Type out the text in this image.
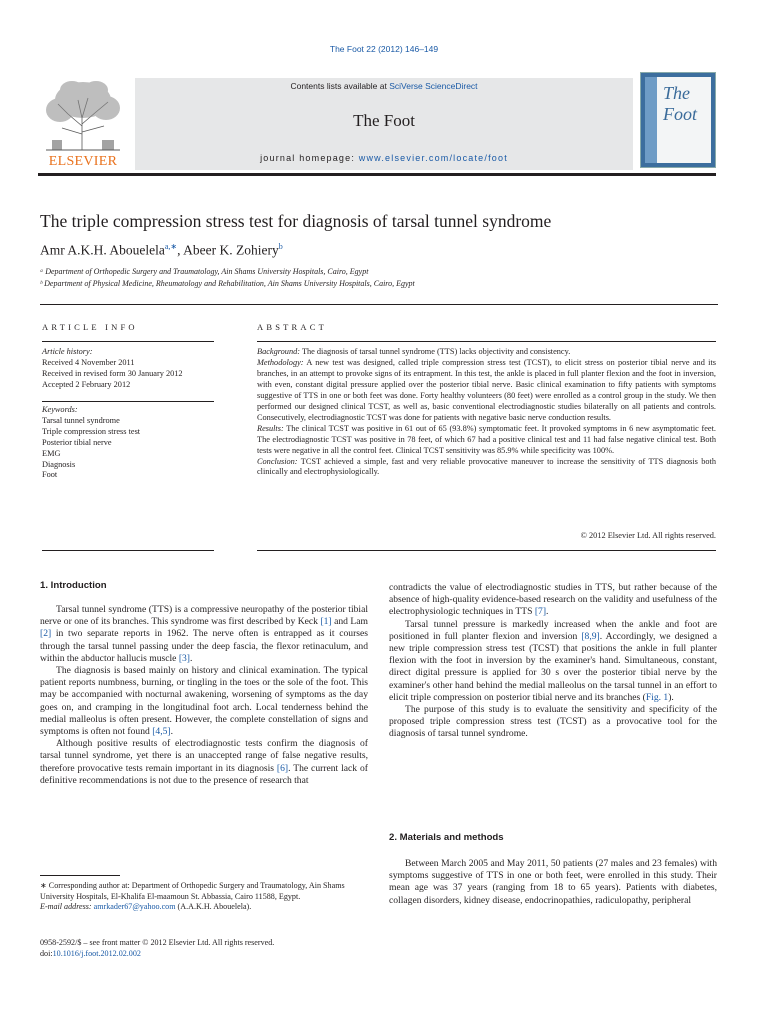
The Foot 22 (2012) 146–149
ELSEVIER
Contents lists available at SciVerse ScienceDirect
The Foot
journal homepage: www.elsevier.com/locate/foot
The Foot
The triple compression stress test for diagnosis of tarsal tunnel syndrome
Amr A.K.H. Abouelela$^{a,∗}$, Abeer K. Zohiery$^b$
ᵃ Department of Orthopedic Surgery and Traumatology, Ain Shams University Hospitals, Cairo, Egypt
ᵇ Department of Physical Medicine, Rheumatology and Rehabilitation, Ain Shams University Hospitals, Cairo, Egypt
ARTICLE INFO	ABSTRACT
Article history:
Received 4 November 2011
Received in revised form 30 January 2012
Accepted 2 February 2012
Keywords:
Tarsal tunnel syndrome
Triple compression stress test
Posterior tibial nerve
EMG
Diagnosis
Foot

Background: The diagnosis of tarsal tunnel syndrome (TTS) lacks objectivity and consistency.

Methodology: A new test was designed, called triple compression stress test (TCST), to elicit stress on posterior tibial nerve and its branches, in an attempt to provoke signs of its entrapment. In this test, the ankle is placed in full planter flexion and the foot in inversion, with even, constant digital pressure applied over the posterior tibial nerve. Basic clinical examination to fifty patients with symptoms suggestive of TTS in one or both feet was done. Forty healthy volunteers (80 feet) were enrolled as a control group in the study. We then performed our designed clinical TCST, as well as, basic conventional electrodiagnostic studies bilaterally on all patients and controls. Consecutively, electrodiagnostic TCST was done for patients with negative basic nerve conduction results.

Results: The clinical TCST was positive in 61 out of 65 (93.8%) symptomatic feet. It provoked symptoms in 6 new asymptomatic feet. The electrodiagnostic TCST was positive in 78 feet, of which 67 had a positive clinical test and 11 had false negative clinical test. Both tests were negative in all the control feet. Clinical TCST sensitivity was 85.9% while specificity was 100%.

Conclusion: TCST achieved a simple, fast and very reliable provocative maneuver to increase the sensitivity of TTS diagnosis both clinically and electrophysiologically.

© 2012 Elsevier Ltd. All rights reserved.
1. Introduction

Tarsal tunnel syndrome (TTS) is a compressive neuropathy of the posterior tibial nerve or one of its branches. This syndrome was first described by Keck [1] and Lam [2] in two separate reports in 1962. The nerve often is entrapped as it courses through the tarsal tunnel passing under the deep fascia, the flexor retinaculum, and within the abductor hallucis muscle [3].

The diagnosis is based mainly on history and clinical examination. The typical patient reports numbness, burning, or tingling in the toes or the sole of the foot. This may be accompanied with nocturnal awakening, worsening of symptoms as the day goes on, and cramping in the longitudinal foot arch. Local tenderness behind the medial malleolus is often present. However, the complete constellation of signs and symptoms is often not found [4,5].

Although positive results of electrodiagnostic tests confirm the diagnosis of tarsal tunnel syndrome, yet there is an unaccepted range of false negative results, therefore provocative tests remain important in its diagnosis [6]. The current lack of definitive recommendations is not due to the presence of research that

contradicts the value of electrodiagnostic studies in TTS, but rather because of the absence of high-quality evidence-based research on the validity and usefulness of the electrophysiologic techniques in TTS [7].

Tarsal tunnel pressure is markedly increased when the ankle and foot are positioned in full planter flexion and inversion [8,9]. Accordingly, we designed a new triple compression stress test (TCST) that positions the ankle in full planter flexion with the foot in inversion by the examiner's hand. Simultaneous, constant, direct digital pressure is applied for 30 s over the posterior tibial nerve by the examiner's other hand behind the medial malleolus on the tarsal tunnel in an effort to elicit triple compression on posterior tibial nerve and its branches (Fig. 1).

The purpose of this study is to evaluate the sensitivity and specificity of the proposed triple compression stress test (TCST) as a provocative tool for the diagnosis of tarsal tunnel syndrome.

2. Materials and methods

Between March 2005 and May 2011, 50 patients (27 males and 23 females) with symptoms suggestive of TTS in one or both feet, were enrolled in this study. Their mean age was 37 years (ranging from 18 to 65 years). Patients with diabetes, collagen disorders, kidney disease, endocrinopathies, radiculopathy, peripheral

∗ Corresponding author at: Department of Orthopedic Surgery and Traumatology, Ain Shams University Hospitals, El-Khalifa El-maamoun St. Abbassia, Cairo 11588, Egypt.
E-mail address: amrkader67@yahoo.com (A.A.K.H. Abouelela).
0958-2592/$ – see front matter © 2012 Elsevier Ltd. All rights reserved.
doi:10.1016/j.foot.2012.02.002
